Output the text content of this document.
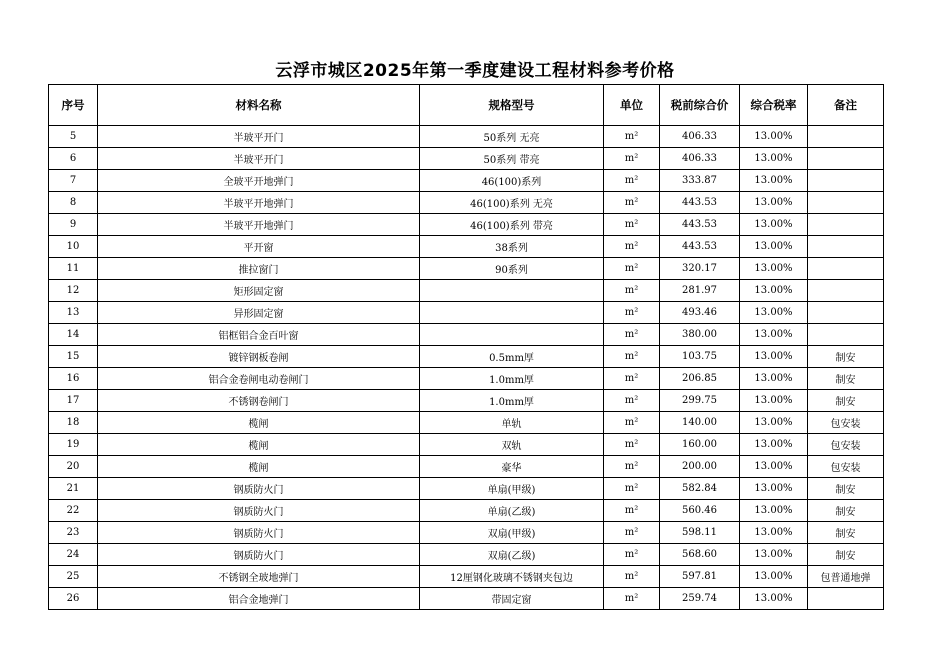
云浮市城区2025年第一季度建设工程材料参考价格
序号	材料名称	规格型号	单位	税前综合价	综合税率	备注
5	半玻平开门	50系列 无亮	m²	406.33	13.00%	
6	半玻平开门	50系列 带亮	m²	406.33	13.00%	
7	全玻平开地弹门	46(100)系列	m²	333.87	13.00%	
8	半玻平开地弹门	46(100)系列 无亮	m²	443.53	13.00%	
9	半玻平开地弹门	46(100)系列 带亮	m²	443.53	13.00%	
10	平开窗	38系列	m²	443.53	13.00%	
11	推拉窗门	90系列	m²	320.17	13.00%	
12	矩形固定窗		m²	281.97	13.00%	
13	异形固定窗		m²	493.46	13.00%	
14	铝框铝合金百叶窗		m²	380.00	13.00%	
15	镀锌钢板卷闸	0.5mm厚	m²	103.75	13.00%	制安
16	铝合金卷闸电动卷闸门	1.0mm厚	m²	206.85	13.00%	制安
17	不锈钢卷闸门	1.0mm厚	m²	299.75	13.00%	制安
18	榄闸	单轨	m²	140.00	13.00%	包安装
19	榄闸	双轨	m²	160.00	13.00%	包安装
20	榄闸	豪华	m²	200.00	13.00%	包安装
21	钢质防火门	单扇(甲级)	m²	582.84	13.00%	制安
22	钢质防火门	单扇(乙级)	m²	560.46	13.00%	制安
23	钢质防火门	双扇(甲级)	m²	598.11	13.00%	制安
24	钢质防火门	双扇(乙级)	m²	568.60	13.00%	制安
25	不锈钢全玻地弹门	12厘钢化玻璃不锈钢夹包边	m²	597.81	13.00%	包普通地弹
26	铝合金地弹门	带固定窗	m²	259.74	13.00%	
